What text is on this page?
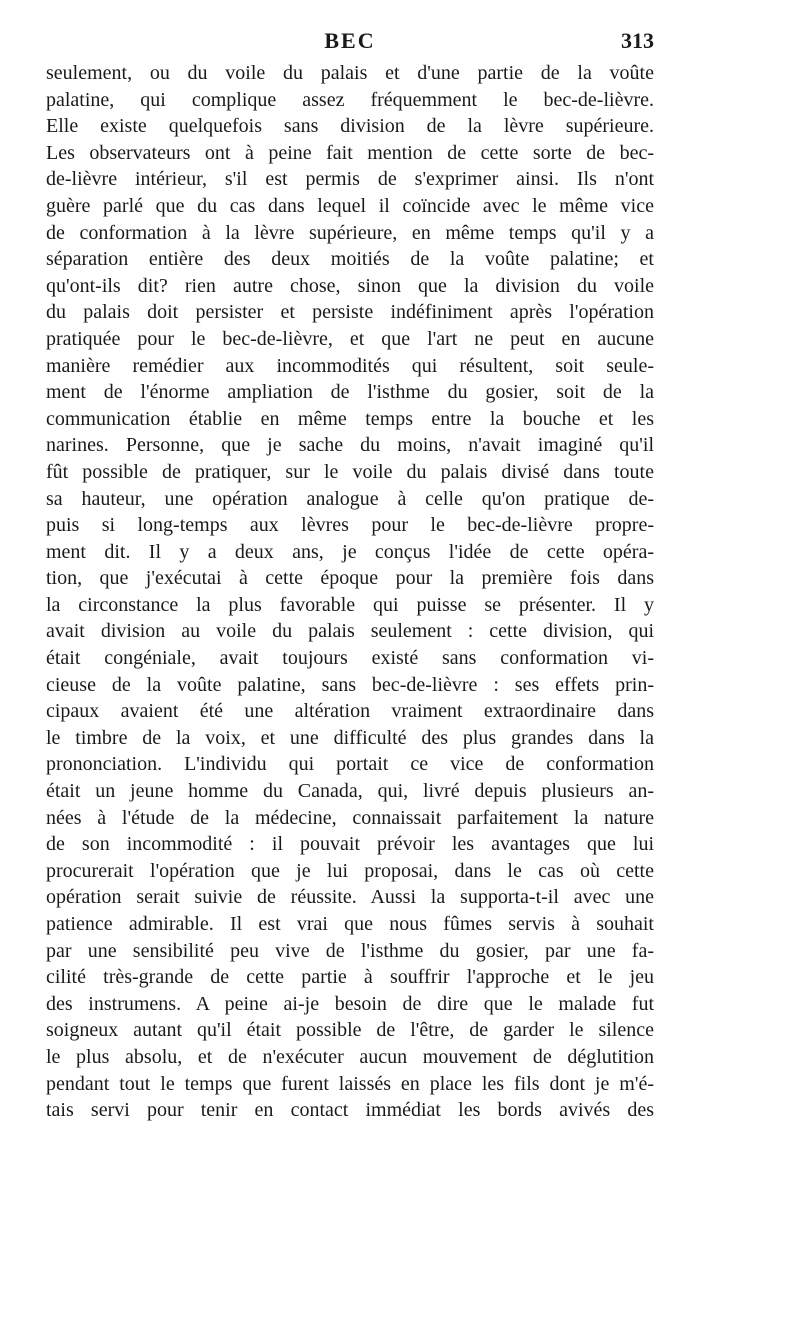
BEC	313
seulement, ou du voile du palais et d'une partie de la voûte
palatine, qui complique assez fréquemment le bec-de-lièvre.
Elle existe quelquefois sans division de la lèvre supérieure.
Les observateurs ont à peine fait mention de cette sorte de bec-
de-lièvre intérieur, s'il est permis de s'exprimer ainsi. Ils n'ont
guère parlé que du cas dans lequel il coïncide avec le même vice
de conformation à la lèvre supérieure, en même temps qu'il y a
séparation entière des deux moitiés de la voûte palatine; et
qu'ont-ils dit? rien autre chose, sinon que la division du voile
du palais doit persister et persiste indéfiniment après l'opération
pratiquée pour le bec-de-lièvre, et que l'art ne peut en aucune
manière remédier aux incommodités qui résultent, soit seule-
ment de l'énorme ampliation de l'isthme du gosier, soit de la
communication établie en même temps entre la bouche et les
narines. Personne, que je sache du moins, n'avait imaginé qu'il
fût possible de pratiquer, sur le voile du palais divisé dans toute
sa hauteur, une opération analogue à celle qu'on pratique de-
puis si long-temps aux lèvres pour le bec-de-lièvre propre-
ment dit. Il y a deux ans, je conçus l'idée de cette opéra-
tion, que j'exécutai à cette époque pour la première fois dans
la circonstance la plus favorable qui puisse se présenter. Il y
avait division au voile du palais seulement : cette division, qui
était congéniale, avait toujours existé sans conformation vi-
cieuse de la voûte palatine, sans bec-de-lièvre : ses effets prin-
cipaux avaient été une altération vraiment extraordinaire dans
le timbre de la voix, et une difficulté des plus grandes dans la
prononciation. L'individu qui portait ce vice de conformation
était un jeune homme du Canada, qui, livré depuis plusieurs an-
nées à l'étude de la médecine, connaissait parfaitement la nature
de son incommodité : il pouvait prévoir les avantages que lui
procurerait l'opération que je lui proposai, dans le cas où cette
opération serait suivie de réussite. Aussi la supporta-t-il avec une
patience admirable. Il est vrai que nous fûmes servis à souhait
par une sensibilité peu vive de l'isthme du gosier, par une fa-
cilité très-grande de cette partie à souffrir l'approche et le jeu
des instrumens. A peine ai-je besoin de dire que le malade fut
soigneux autant qu'il était possible de l'être, de garder le silence
le plus absolu, et de n'exécuter aucun mouvement de déglutition
pendant tout le temps que furent laissés en place les fils dont je m'é-
tais servi pour tenir en contact immédiat les bords avivés des
